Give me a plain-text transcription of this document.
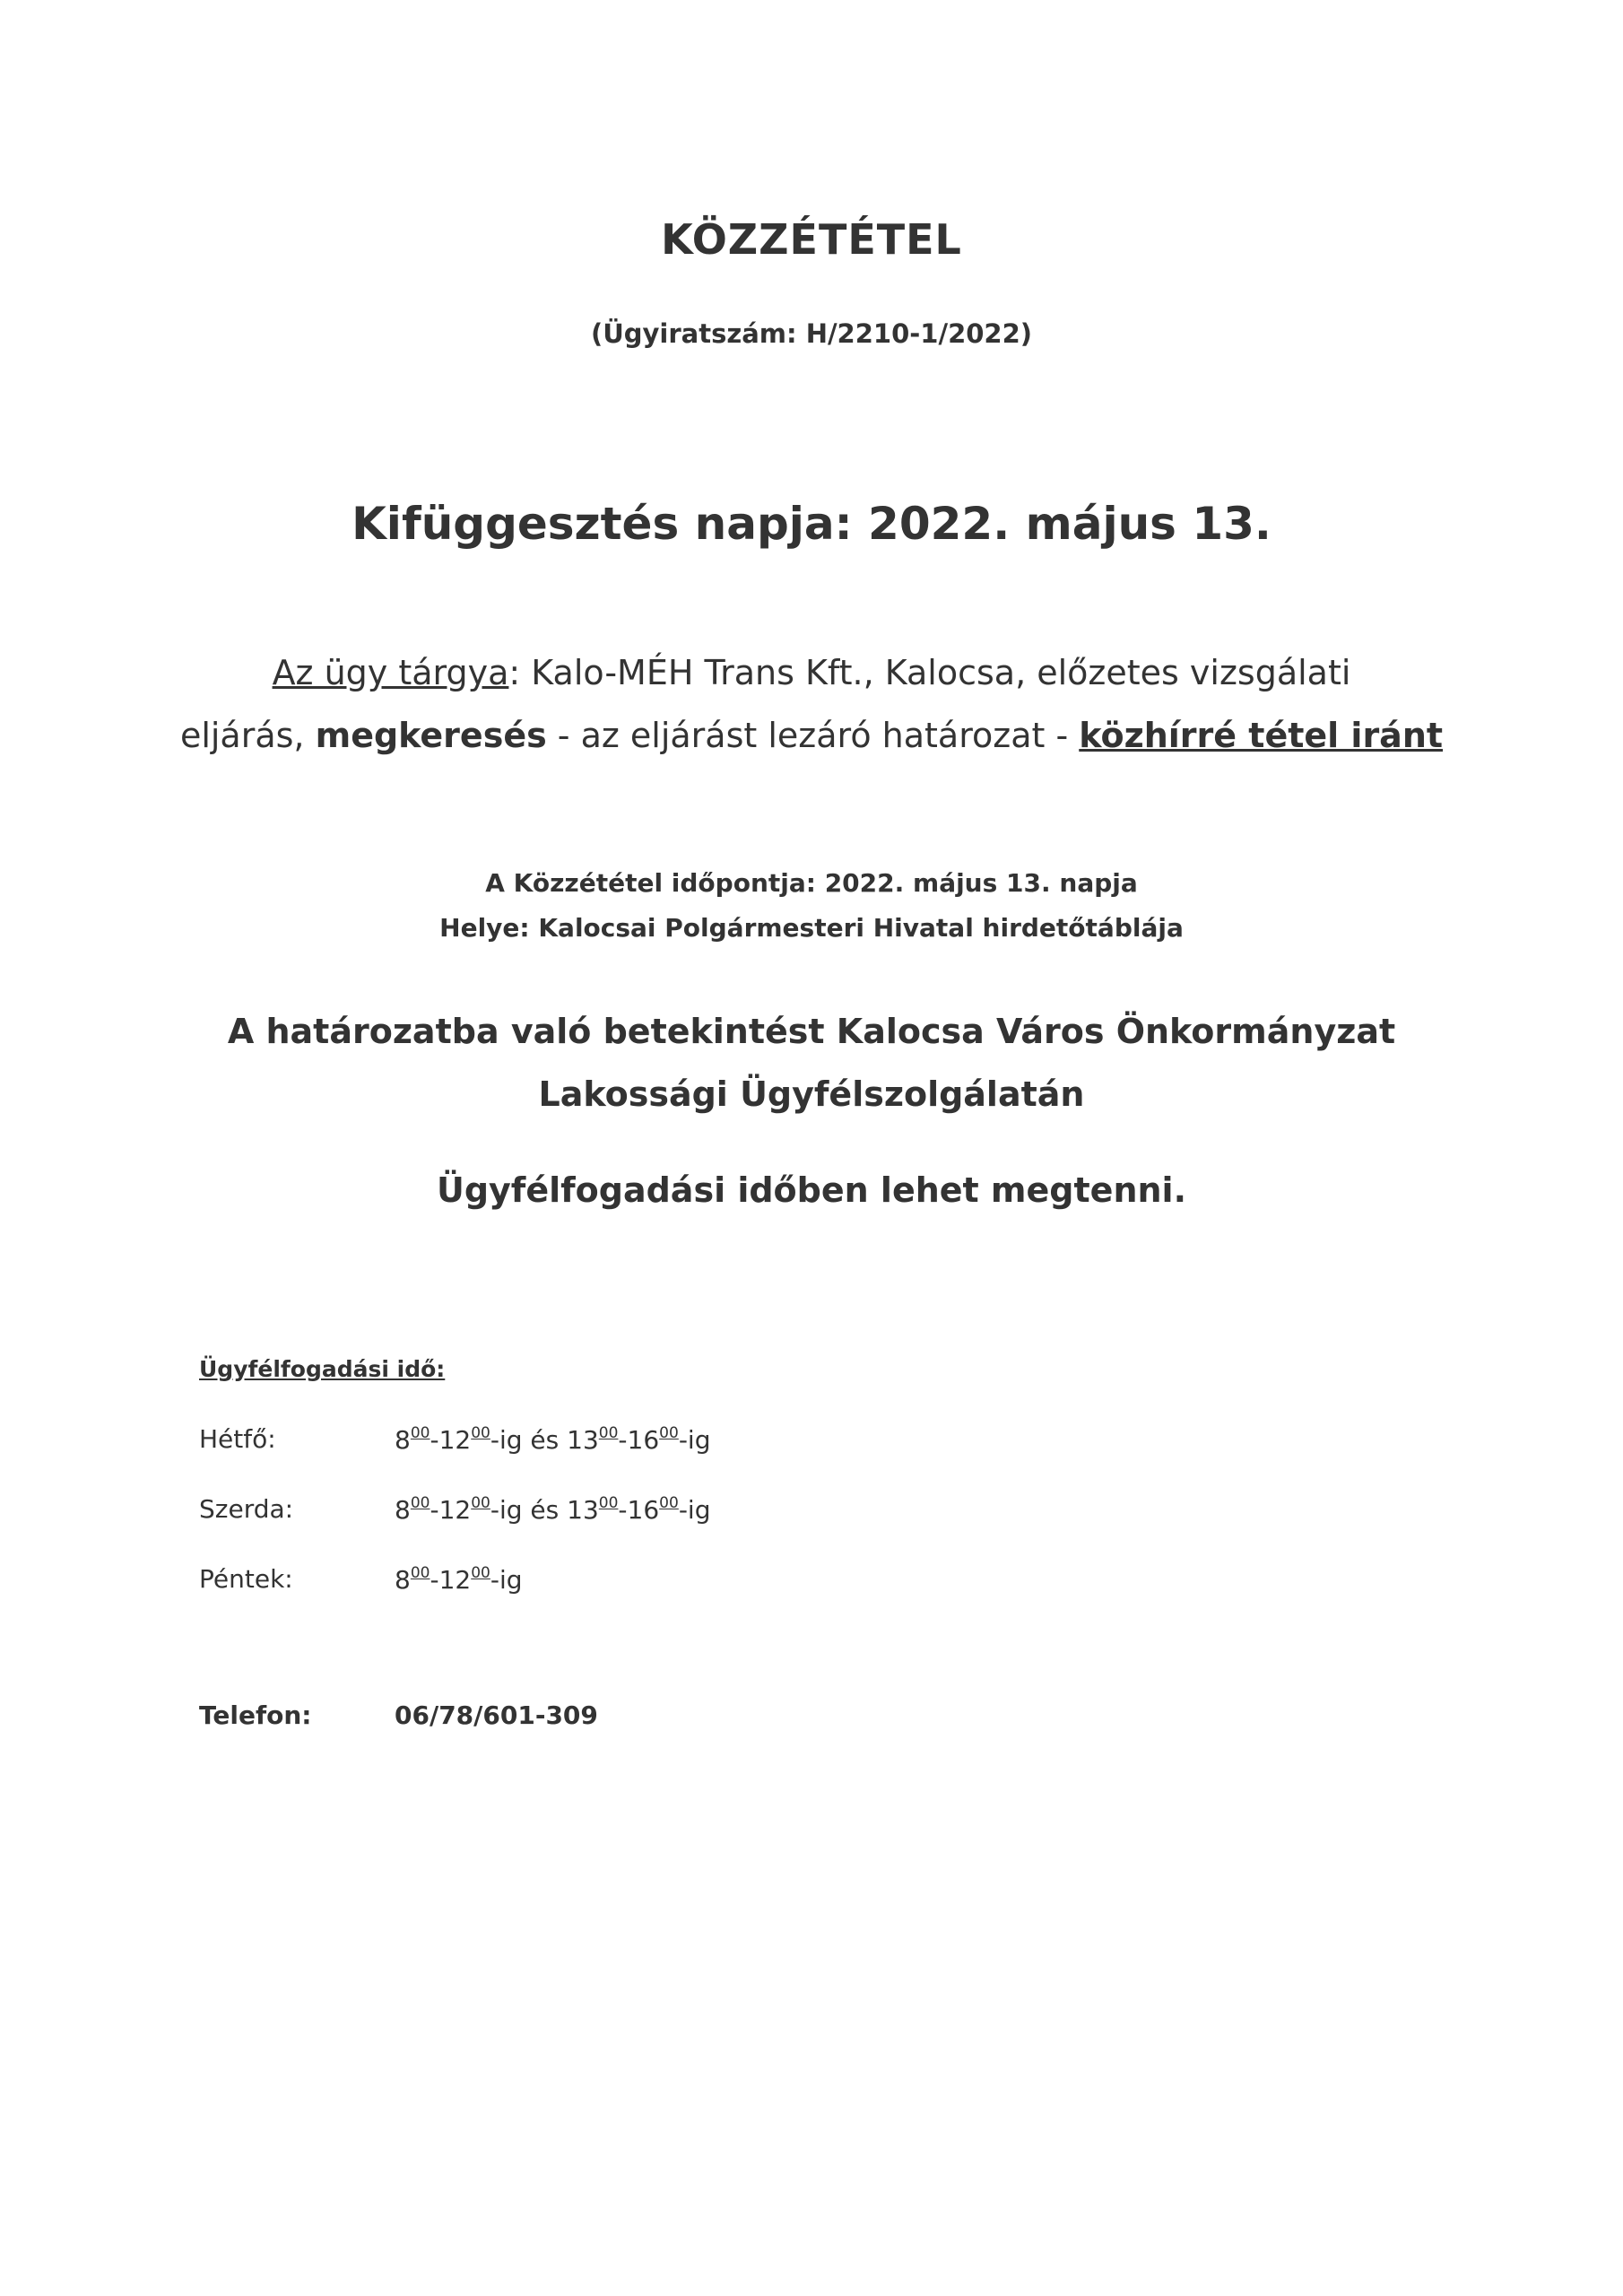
KÖZZÉTÉTEL
(Ügyiratszám: H/2210-1/2022)
Kifüggesztés napja: 2022. május 13.
Az ügy tárgya: Kalo-MÉH Trans Kft., Kalocsa, előzetes vizsgálati
eljárás, megkeresés - az eljárást lezáró határozat - közhírré tétel iránt
A Közzététel időpontja: 2022. május 13. napja
Helye: Kalocsai Polgármesteri Hivatal hirdetőtáblája
A határozatba való betekintést Kalocsa Város Önkormányzat
Lakossági Ügyfélszolgálatán
Ügyfélfogadási időben lehet megtenni.
Ügyfélfogadási idő:
Hétfő:	$8^{00}-12^{00}-ig$ és $13^{00}-16^{00}-ig$
Szerda:	$8^{00}-12^{00}-ig$ és $13^{00}-16^{00}-ig$
Péntek:	$8^{00}-12^{00}-ig$
Telefon:	06/78/601-309
